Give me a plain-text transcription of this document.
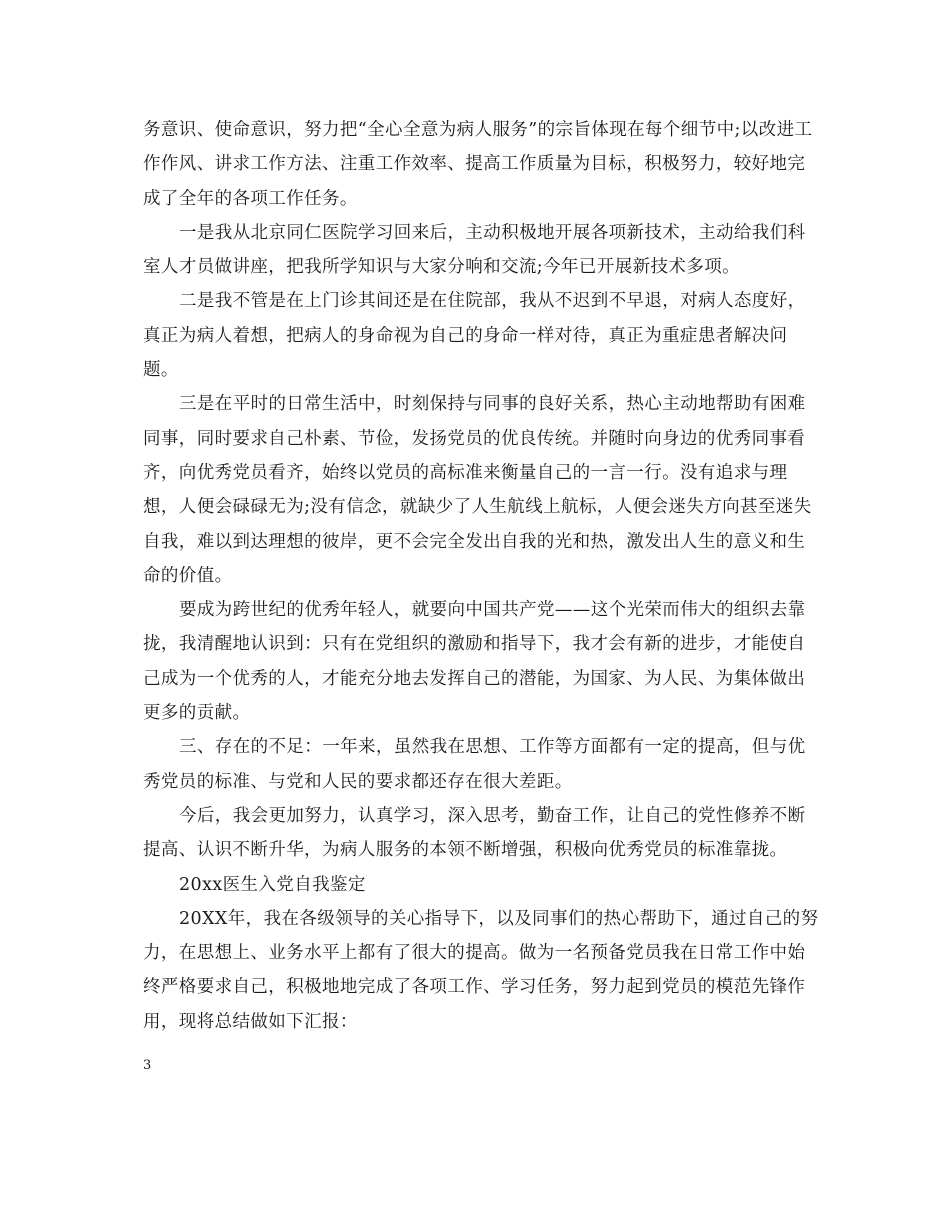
务意识、使命意识，努力把“全心全意为病人服务”的宗旨体现在每个细节中;以改进工作作风、讲求工作方法、注重工作效率、提高工作质量为目标，积极努力，较好地完成了全年的各项工作任务。

一是我从北京同仁医院学习回来后，主动积极地开展各项新技术，主动给我们科室人才员做讲座，把我所学知识与大家分响和交流;今年已开展新技术多项。

二是我不管是在上门诊其间还是在住院部，我从不迟到不早退，对病人态度好，真正为病人着想，把病人的身命视为自己的身命一样对待，真正为重症患者解决问题。

三是在平时的日常生活中，时刻保持与同事的良好关系，热心主动地帮助有困难同事，同时要求自己朴素、节俭，发扬党员的优良传统。并随时向身边的优秀同事看齐，向优秀党员看齐，始终以党员的高标准来衡量自己的一言一行。没有追求与理想，人便会碌碌无为;没有信念，就缺少了人生航线上航标，人便会迷失方向甚至迷失自我，难以到达理想的彼岸，更不会完全发出自我的光和热，激发出人生的意义和生命的价值。

要成为跨世纪的优秀年轻人，就要向中国共产党——这个光荣而伟大的组织去靠拢，我清醒地认识到：只有在党组织的激励和指导下，我才会有新的进步，才能使自己成为一个优秀的人，才能充分地去发挥自己的潜能，为国家、为人民、为集体做出更多的贡献。

三、存在的不足：一年来，虽然我在思想、工作等方面都有一定的提高，但与优秀党员的标准、与党和人民的要求都还存在很大差距。

今后，我会更加努力，认真学习，深入思考，勤奋工作，让自己的党性修养不断提高、认识不断升华，为病人服务的本领不断增强，积极向优秀党员的标准靠拢。

20xx医生入党自我鉴定

20XX年，我在各级领导的关心指导下，以及同事们的热心帮助下，通过自己的努力，在思想上、业务水平上都有了很大的提高。做为一名预备党员我在日常工作中始终严格要求自己，积极地地完成了各项工作、学习任务，努力起到党员的模范先锋作用，现将总结做如下汇报：

3
